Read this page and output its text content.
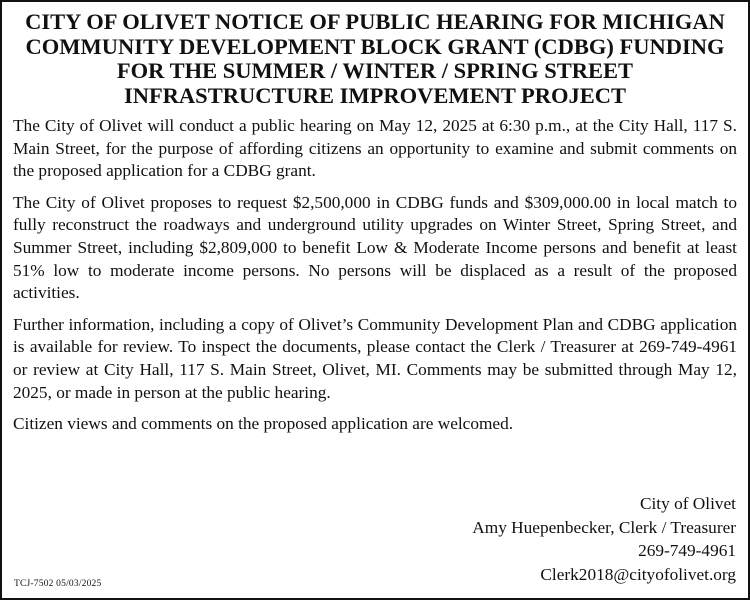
CITY OF OLIVET NOTICE OF PUBLIC HEARING FOR MICHIGAN COMMUNITY DEVELOPMENT BLOCK GRANT (CDBG) FUNDING FOR THE SUMMER / WINTER / SPRING STREET INFRASTRUCTURE IMPROVEMENT PROJECT

The City of Olivet will conduct a public hearing on May 12, 2025 at 6:30 p.m., at the City Hall, 117 S. Main Street, for the purpose of affording citizens an opportunity to examine and submit comments on the proposed application for a CDBG grant.

The City of Olivet proposes to request $2,500,000 in CDBG funds and $309,000.00 in local match to fully reconstruct the roadways and underground utility upgrades on Winter Street, Spring Street, and Summer Street, including $2,809,000 to benefit Low & Moderate Income persons and benefit at least 51% low to moderate income persons. No persons will be displaced as a result of the proposed activities.

Further information, including a copy of Olivet’s Community Development Plan and CDBG application is available for review. To inspect the documents, please contact the Clerk / Treasurer at 269-749-4961 or review at City Hall, 117 S. Main Street, Olivet, MI. Comments may be submitted through May 12, 2025, or made in person at the public hearing.

Citizen views and comments on the proposed application are welcomed.

City of Olivet
Amy Huepenbecker, Clerk / Treasurer
269-749-4961
Clerk2018@cityofolivet.org
TCJ-7502 05/03/2025
